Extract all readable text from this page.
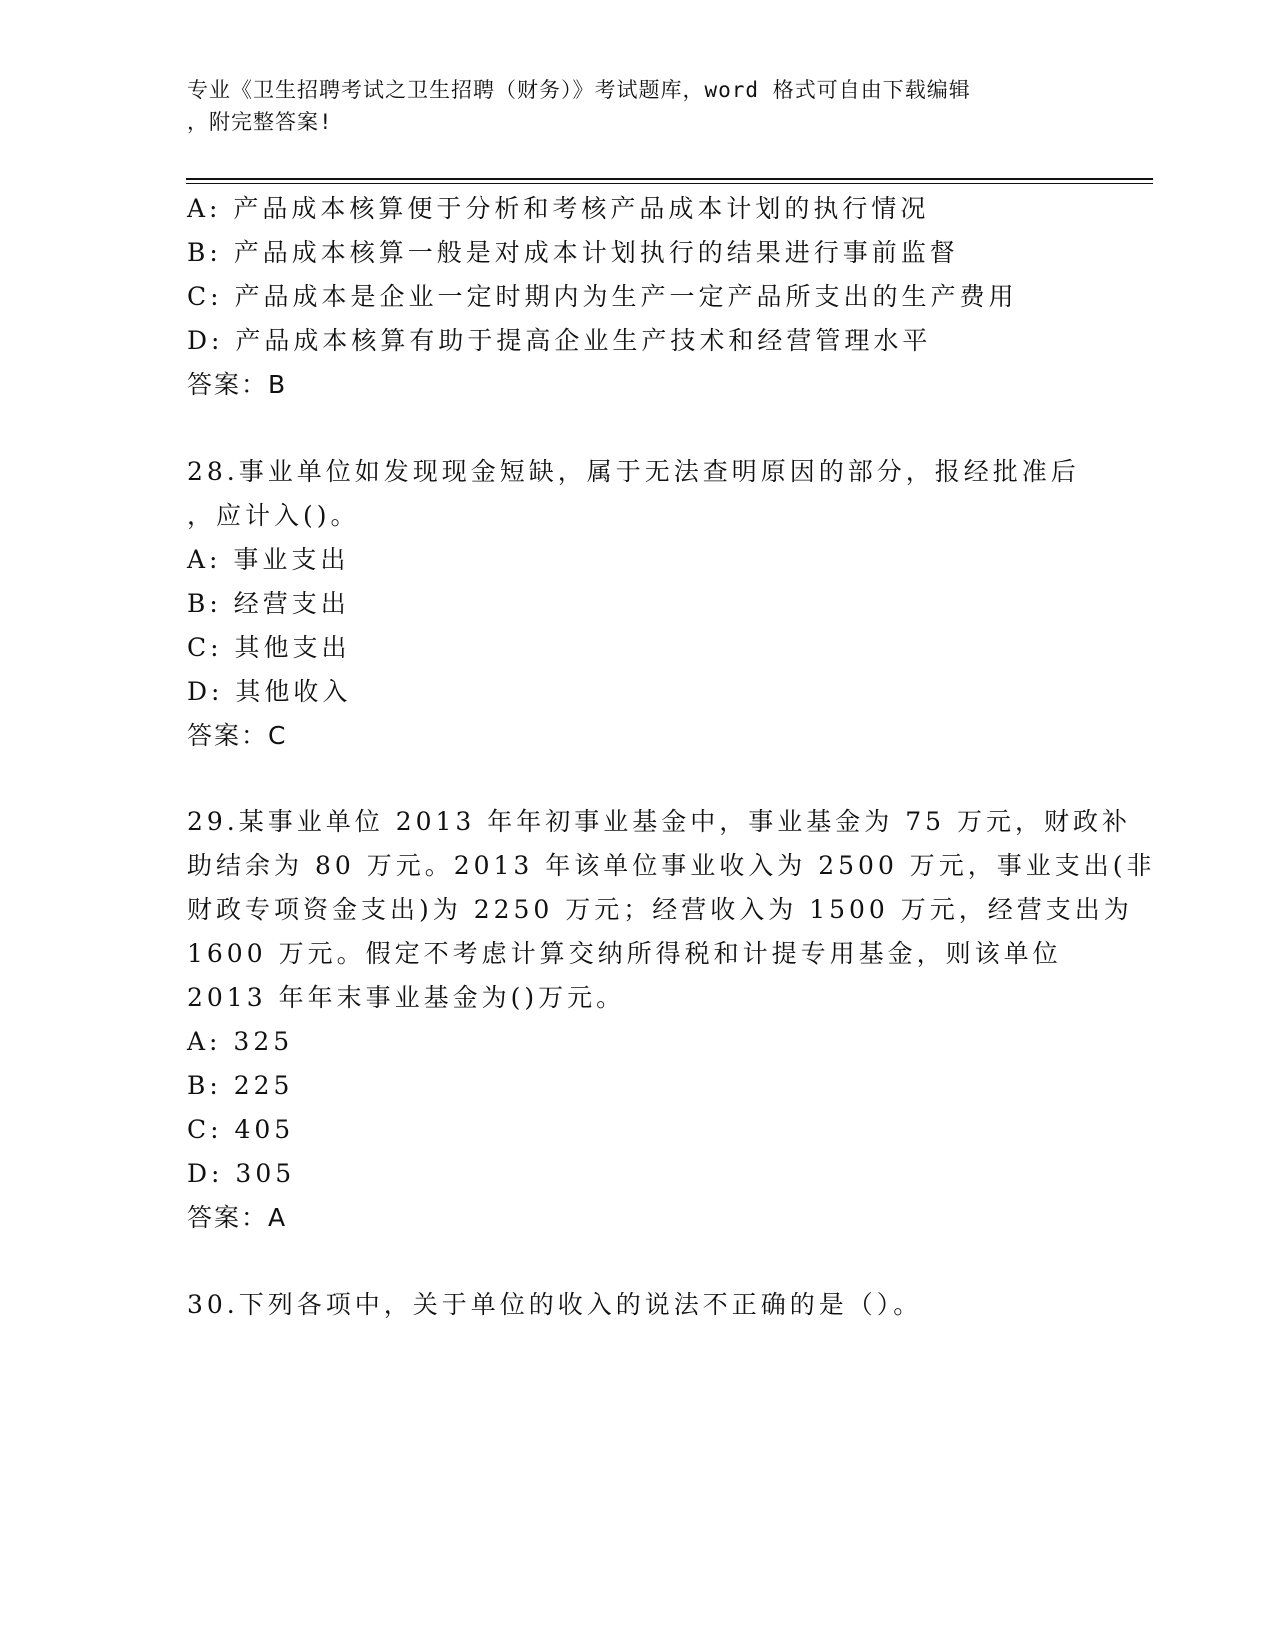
专业《卫生招聘考试之卫生招聘（财务）》考试题库，word 格式可自由下载编辑
，附完整答案!
A: 产品成本核算便于分析和考核产品成本计划的执行情况
B: 产品成本核算一般是对成本计划执行的结果进行事前监督
C: 产品成本是企业一定时期内为生产一定产品所支出的生产费用
D: 产品成本核算有助于提高企业生产技术和经营管理水平
答案：B
28.事业单位如发现现金短缺，属于无法查明原因的部分，报经批准后
，应计入()。
A: 事业支出
B: 经营支出
C: 其他支出
D: 其他收入
答案：C
29.某事业单位 2013 年年初事业基金中，事业基金为 75 万元，财政补
助结余为 80 万元。2013 年该单位事业收入为 2500 万元，事业支出(非
财政专项资金支出)为 2250 万元；经营收入为 1500 万元，经营支出为
1600 万元。假定不考虑计算交纳所得税和计提专用基金，则该单位
2013 年年末事业基金为()万元。
A: 325
B: 225
C: 405
D: 305
答案：A
30.下列各项中，关于单位的收入的说法不正确的是（）。
